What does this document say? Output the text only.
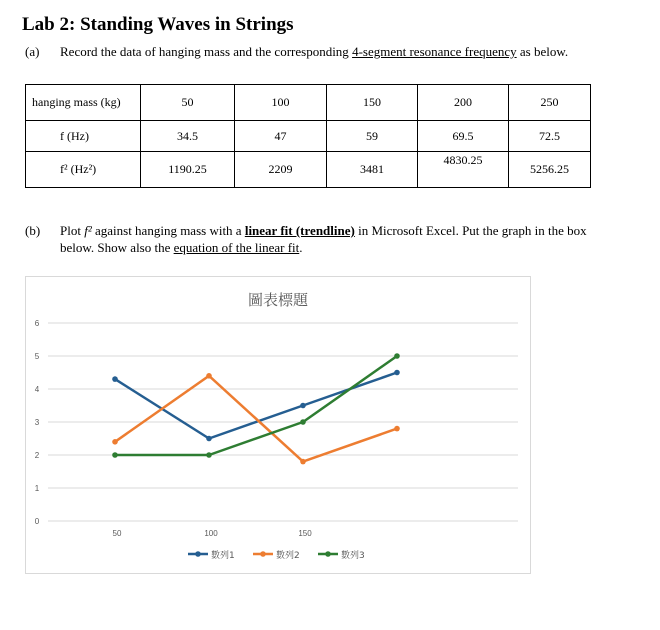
Lab 2: Standing Waves in Strings
(a) Record the data of hanging mass and the corresponding 4-segment resonance frequency as below.
hanging mass (kg)	50	100	150	200	250
f (Hz)	34.5	47	59	69.5	72.5
f² (Hz²)	1190.25	2209	3481	4830.25	5256.25
(b) Plot f² against hanging mass with a linear fit (trendline) in Microsoft Excel. Put the graph in the box below. Show also the equation of the linear fit.
圖表標題
0
1
2
3
4
5
6
50	100	150
數列1	數列2	數列3
